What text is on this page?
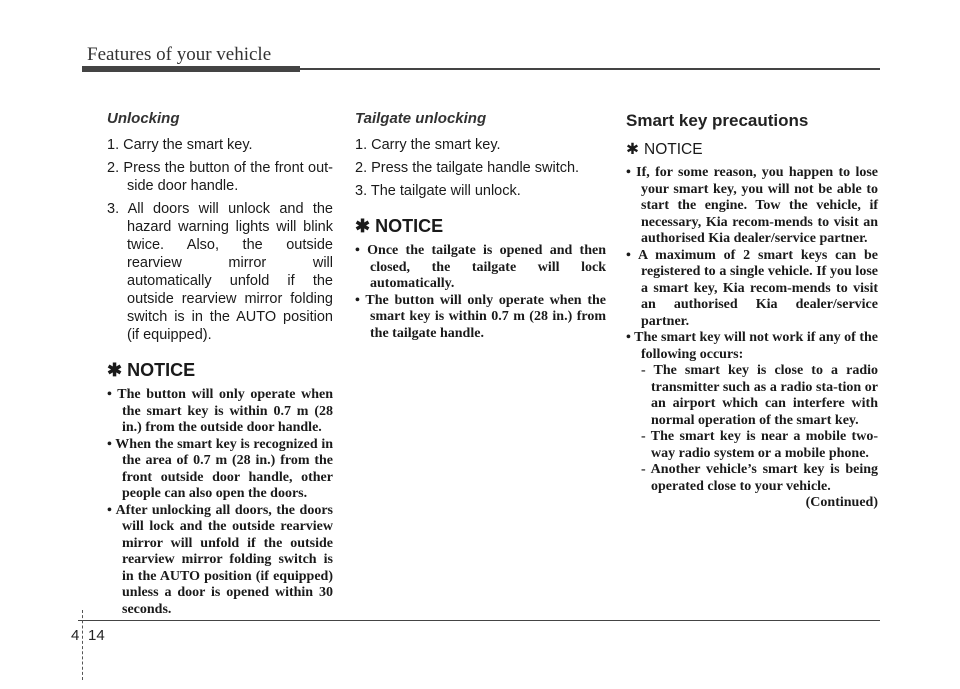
Features of your vehicle
Unlocking
1. Carry the smart key.
2. Press the button of the front out-side door handle.
3. All doors will unlock and the hazard warning lights will blink twice. Also, the outside rearview mirror will automatically unfold if the outside rearview mirror folding switch is in the AUTO position (if equipped).
✱ NOTICE
• The button will only operate when the smart key is within 0.7 m (28 in.) from the outside door handle.
• When the smart key is recognized in the area of 0.7 m (28 in.) from the front outside door handle, other people can also open the doors.
• After unlocking all doors, the doors will lock and the outside rearview mirror will unfold if the outside rearview mirror folding switch is in the AUTO position (if equipped) unless a door is opened within 30 seconds.
Tailgate unlocking
1. Carry the smart key.
2. Press the tailgate handle switch.
3. The tailgate will unlock.
✱ NOTICE
• Once the tailgate is opened and then closed, the tailgate will lock automatically.
• The button will only operate when the smart key is within 0.7 m (28 in.) from the tailgate handle.
Smart key precautions
✱ NOTICE
• If, for some reason, you happen to lose your smart key, you will not be able to start the engine. Tow the vehicle, if necessary, Kia recom-mends to visit an authorised Kia dealer/service partner.
• A maximum of 2 smart keys can be registered to a single vehicle. If you lose a smart key, Kia recom-mends to visit an authorised Kia dealer/service partner.
• The smart key will not work if any of the following occurs:
- The smart key is close to a radio transmitter such as a radio sta-tion or an airport which can interfere with normal operation of the smart key.
- The smart key is near a mobile two-way radio system or a mobile phone.
- Another vehicle’s smart key is being operated close to your vehicle.
(Continued)
4 14
